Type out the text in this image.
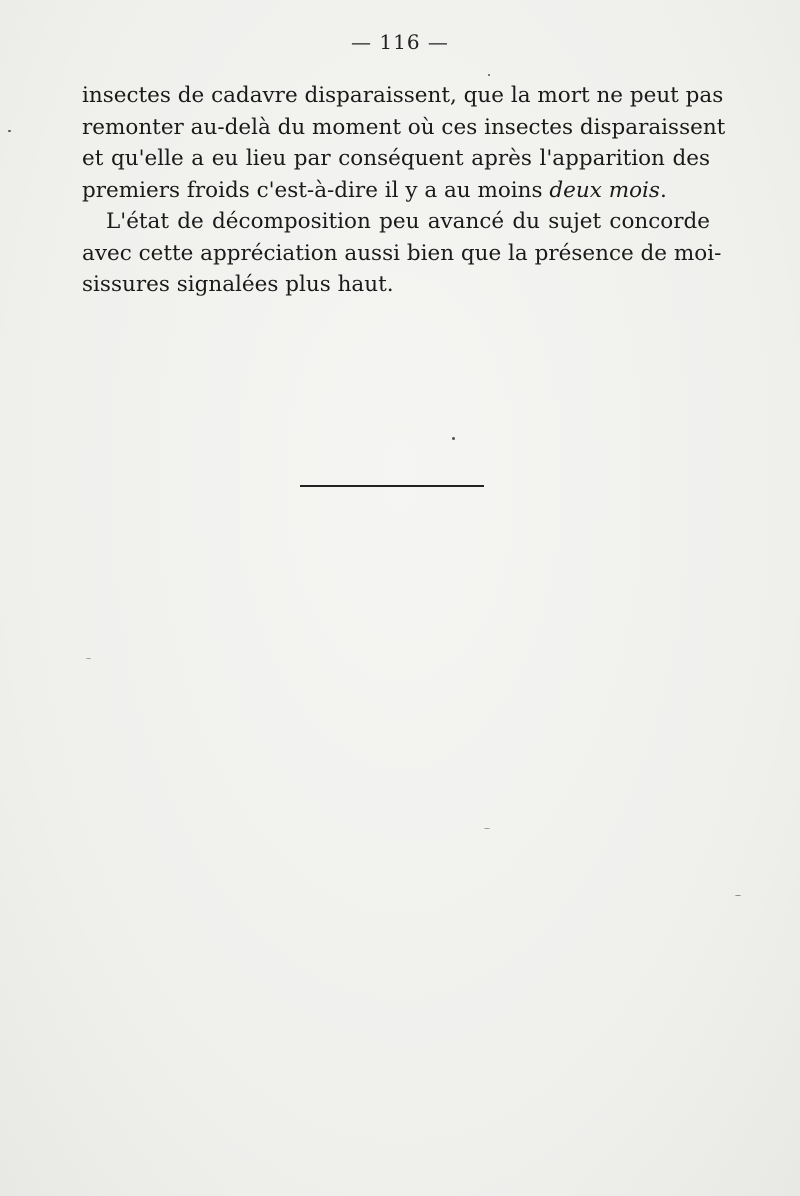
— 116 —

insectes de cadavre disparaissent, que la mort ne peut pas
remonter au-delà du moment où ces insectes disparaissent
et qu'elle a eu lieu par conséquent après l'apparition des
premiers froids c'est-à-dire il y a au moins deux mois.

L'état de décomposition peu avancé du sujet concorde
avec cette appréciation aussi bien que la présence de moi-
sissures signalées plus haut.
